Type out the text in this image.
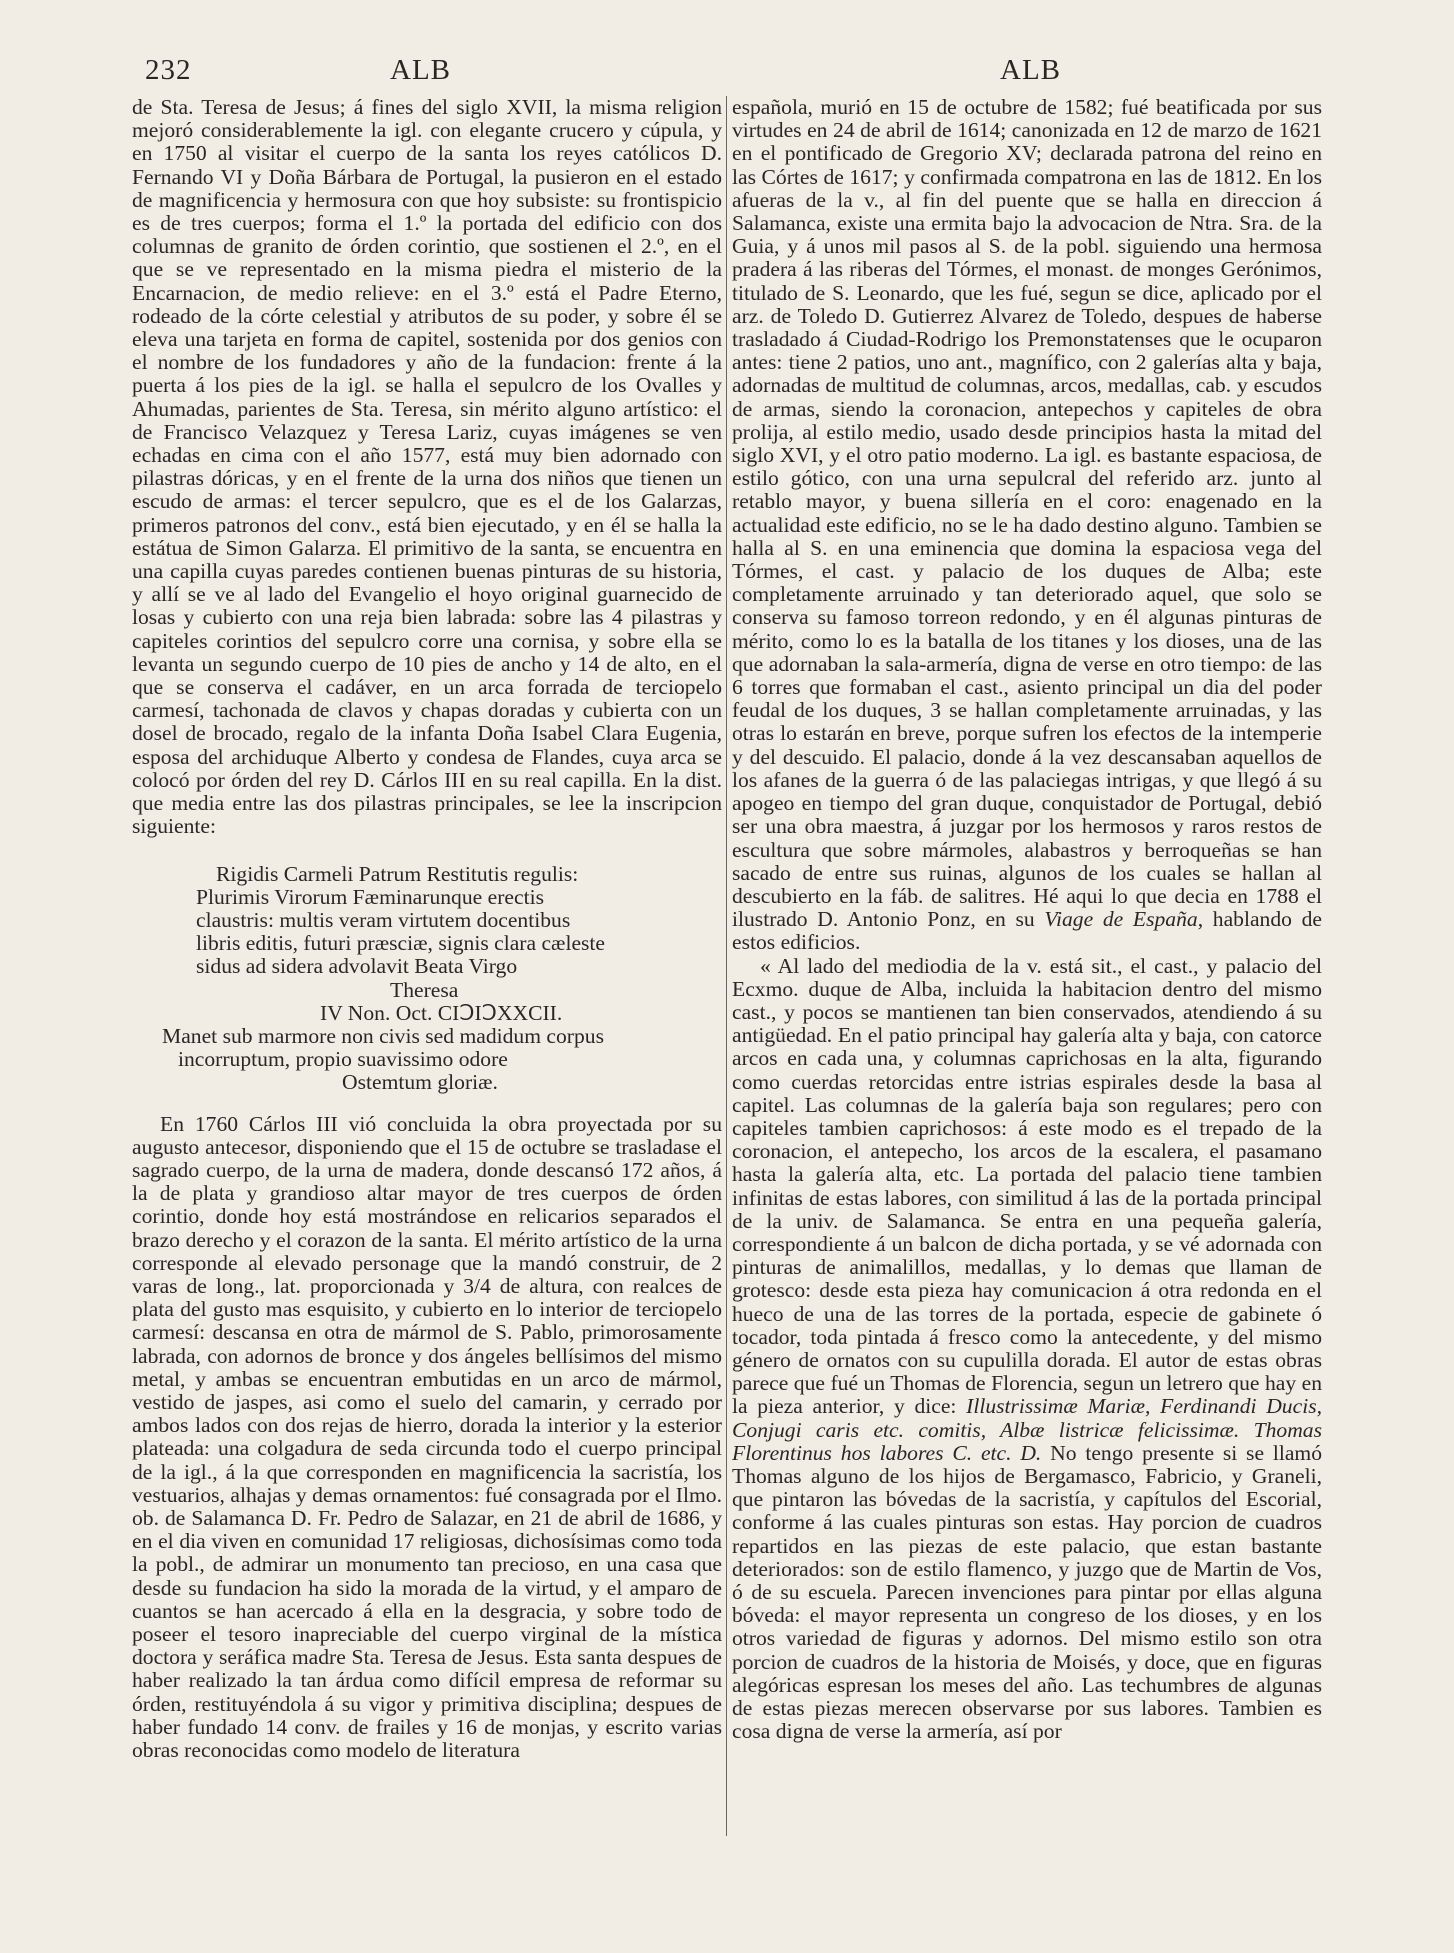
232	ALB	ALB

de Sta. Teresa de Jesus; á fines del siglo XVII, la misma religion mejoró considerablemente la igl. con elegante crucero y cúpula, y en 1750 al visitar el cuerpo de la santa los reyes católicos D. Fernando VI y Doña Bárbara de Portugal, la pusieron en el estado de magnificencia y hermosura con que hoy subsiste: su frontispicio es de tres cuerpos; forma el 1.º la portada del edificio con dos columnas de granito de órden corintio, que sostienen el 2.º, en el que se ve representado en la misma piedra el misterio de la Encarnacion, de medio relieve: en el 3.º está el Padre Eterno, rodeado de la córte celestial y atributos de su poder, y sobre él se eleva una tarjeta en forma de capitel, sostenida por dos genios con el nombre de los fundadores y año de la fundacion: frente á la puerta á los pies de la igl. se halla el sepulcro de los Ovalles y Ahumadas, parientes de Sta. Teresa, sin mérito alguno artístico: el de Francisco Velazquez y Teresa Lariz, cuyas imágenes se ven echadas en cima con el año 1577, está muy bien adornado con pilastras dóricas, y en el frente de la urna dos niños que tienen un escudo de armas: el tercer sepulcro, que es el de los Galarzas, primeros patronos del conv., está bien ejecutado, y en él se halla la estátua de Simon Galarza. El primitivo de la santa, se encuentra en una capilla cuyas paredes contienen buenas pinturas de su historia, y allí se ve al lado del Evangelio el hoyo original guarnecido de losas y cubierto con una reja bien labrada: sobre las 4 pilastras y capiteles corintios del sepulcro corre una cornisa, y sobre ella se levanta un segundo cuerpo de 10 pies de ancho y 14 de alto, en el que se conserva el cadáver, en un arca forrada de terciopelo carmesí, tachonada de clavos y chapas doradas y cubierta con un dosel de brocado, regalo de la infanta Doña Isabel Clara Eugenia, esposa del archiduque Alberto y condesa de Flandes, cuya arca se colocó por órden del rey D. Cárlos III en su real capilla. En la dist. que media entre las dos pilastras principales, se lee la inscripcion siguiente:

Rigidis Carmeli Patrum Restitutis regulis:
Plurimis Virorum Fæminarunque erectis
claustris: multis veram virtutem docentibus
libris editis, futuri præsciæ, signis clara cæleste
sidus ad sidera advolavit Beata Virgo
Theresa
IV Non. Oct. CIↃIↃXXCII.
Manet sub marmore non civis sed madidum corpus
incorruptum, propio suavissimo odore
Ostemtum gloriæ.

En 1760 Cárlos III vió concluida la obra proyectada por su augusto antecesor, disponiendo que el 15 de octubre se trasladase el sagrado cuerpo, de la urna de madera, donde descansó 172 años, á la de plata y grandioso altar mayor de tres cuerpos de órden corintio, donde hoy está mostrándose en relicarios separados el brazo derecho y el corazon de la santa. El mérito artístico de la urna corresponde al elevado personage que la mandó construir, de 2 varas de long., lat. proporcionada y 3/4 de altura, con realces de plata del gusto mas esquisito, y cubierto en lo interior de terciopelo carmesí: descansa en otra de mármol de S. Pablo, primorosamente labrada, con adornos de bronce y dos ángeles bellísimos del mismo metal, y ambas se encuentran embutidas en un arco de mármol, vestido de jaspes, asi como el suelo del camarin, y cerrado por ambos lados con dos rejas de hierro, dorada la interior y la esterior plateada: una colgadura de seda circunda todo el cuerpo principal de la igl., á la que corresponden en magnificencia la sacristía, los vestuarios, alhajas y demas ornamentos: fué consagrada por el Ilmo. ob. de Salamanca D. Fr. Pedro de Salazar, en 21 de abril de 1686, y en el dia viven en comunidad 17 religiosas, dichosísimas como toda la pobl., de admirar un monumento tan precioso, en una casa que desde su fundacion ha sido la morada de la virtud, y el amparo de cuantos se han acercado á ella en la desgracia, y sobre todo de poseer el tesoro inapreciable del cuerpo virginal de la mística doctora y seráfica madre Sta. Teresa de Jesus. Esta santa despues de haber realizado la tan árdua como difícil empresa de reformar su órden, restituyéndola á su vigor y primitiva disciplina; despues de haber fundado 14 conv. de frailes y 16 de monjas, y escrito varias obras reconocidas como modelo de literatura

española, murió en 15 de octubre de 1582; fué beatificada por sus virtudes en 24 de abril de 1614; canonizada en 12 de marzo de 1621 en el pontificado de Gregorio XV; declarada patrona del reino en las Córtes de 1617; y confirmada compatrona en las de 1812. En los afueras de la v., al fin del puente que se halla en direccion á Salamanca, existe una ermita bajo la advocacion de Ntra. Sra. de la Guia, y á unos mil pasos al S. de la pobl. siguiendo una hermosa pradera á las riberas del Tórmes, el monast. de monges Gerónimos, titulado de S. Leonardo, que les fué, segun se dice, aplicado por el arz. de Toledo D. Gutierrez Alvarez de Toledo, despues de haberse trasladado á Ciudad-Rodrigo los Premonstatenses que le ocuparon antes: tiene 2 patios, uno ant., magnífico, con 2 galerías alta y baja, adornadas de multitud de columnas, arcos, medallas, cab. y escudos de armas, siendo la coronacion, antepechos y capiteles de obra prolija, al estilo medio, usado desde principios hasta la mitad del siglo XVI, y el otro patio moderno. La igl. es bastante espaciosa, de estilo gótico, con una urna sepulcral del referido arz. junto al retablo mayor, y buena sillería en el coro: enagenado en la actualidad este edificio, no se le ha dado destino alguno. Tambien se halla al S. en una eminencia que domina la espaciosa vega del Tórmes, el cast. y palacio de los duques de Alba; este completamente arruinado y tan deteriorado aquel, que solo se conserva su famoso torreon redondo, y en él algunas pinturas de mérito, como lo es la batalla de los titanes y los dioses, una de las que adornaban la sala-armería, digna de verse en otro tiempo: de las 6 torres que formaban el cast., asiento principal un dia del poder feudal de los duques, 3 se hallan completamente arruinadas, y las otras lo estarán en breve, porque sufren los efectos de la intemperie y del descuido. El palacio, donde á la vez descansaban aquellos de los afanes de la guerra ó de las palaciegas intrigas, y que llegó á su apogeo en tiempo del gran duque, conquistador de Portugal, debió ser una obra maestra, á juzgar por los hermosos y raros restos de escultura que sobre mármoles, alabastros y berroqueñas se han sacado de entre sus ruinas, algunos de los cuales se hallan al descubierto en la fáb. de salitres. Hé aqui lo que decia en 1788 el ilustrado D. Antonio Ponz, en su Viage de España, hablando de estos edificios.

« Al lado del mediodia de la v. está sit., el cast., y palacio del Ecxmo. duque de Alba, incluida la habitacion dentro del mismo cast., y pocos se mantienen tan bien conservados, atendiendo á su antigüedad. En el patio principal hay galería alta y baja, con catorce arcos en cada una, y columnas caprichosas en la alta, figurando como cuerdas retorcidas entre istrias espirales desde la basa al capitel. Las columnas de la galería baja son regulares; pero con capiteles tambien caprichosos: á este modo es el trepado de la coronacion, el antepecho, los arcos de la escalera, el pasamano hasta la galería alta, etc. La portada del palacio tiene tambien infinitas de estas labores, con similitud á las de la portada principal de la univ. de Salamanca. Se entra en una pequeña galería, correspondiente á un balcon de dicha portada, y se vé adornada con pinturas de animalillos, medallas, y lo demas que llaman de grotesco: desde esta pieza hay comunicacion á otra redonda en el hueco de una de las torres de la portada, especie de gabinete ó tocador, toda pintada á fresco como la antecedente, y del mismo género de ornatos con su cupulilla dorada. El autor de estas obras parece que fué un Thomas de Florencia, segun un letrero que hay en la pieza anterior, y dice: Illustrissimæ Mariæ, Ferdinandi Ducis, Conjugi caris etc. comitis, Albæ listricæ felicissimæ. Thomas Florentinus hos labores C. etc. D. No tengo presente si se llamó Thomas alguno de los hijos de Bergamasco, Fabricio, y Graneli, que pintaron las bóvedas de la sacristía, y capítulos del Escorial, conforme á las cuales pinturas son estas. Hay porcion de cuadros repartidos en las piezas de este palacio, que estan bastante deteriorados: son de estilo flamenco, y juzgo que de Martin de Vos, ó de su escuela. Parecen invenciones para pintar por ellas alguna bóveda: el mayor representa un congreso de los dioses, y en los otros variedad de figuras y adornos. Del mismo estilo son otra porcion de cuadros de la historia de Moisés, y doce, que en figuras alegóricas espresan los meses del año. Las techumbres de algunas de estas piezas merecen observarse por sus labores. Tambien es cosa digna de verse la armería, así por
